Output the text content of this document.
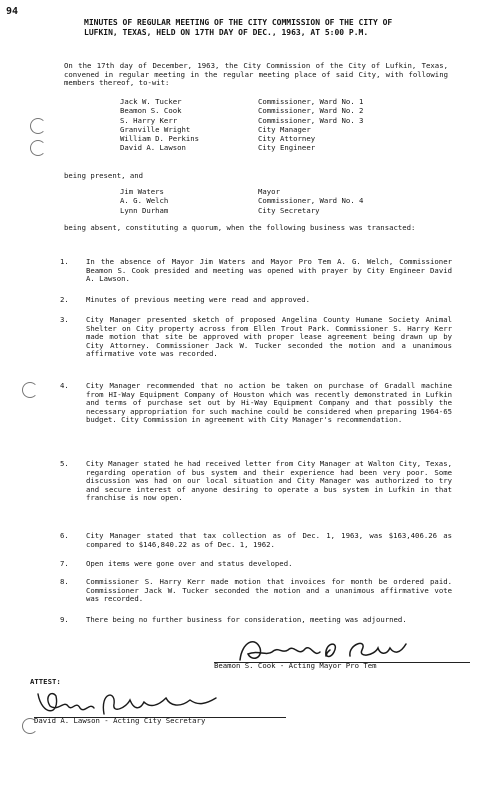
94
MINUTES OF REGULAR MEETING OF THE CITY COMMISSION OF THE CITY OF
LUFKIN, TEXAS, HELD ON 17TH DAY OF DEC., 1963, AT 5:00 P.M.
On the 17th day of December, 1963, the City Commission of the City of Lufkin, Texas, convened in regular meeting in the regular meeting place of said City, with following members thereof, to-wit:
Jack W. Tucker	Commissioner, Ward No. 1
Beamon S. Cook	Commissioner, Ward No. 2
S. Harry Kerr	Commissioner, Ward No. 3
Granville Wright	City Manager
William D. Perkins	City Attorney
David A. Lawson	City Engineer
being present, and
Jim Waters	Mayor
A. G. Welch	Commissioner, Ward No. 4
Lynn Durham	City Secretary
being absent, constituting a quorum, when the following business was transacted:
1.	In the absence of Mayor Jim Waters and Mayor Pro Tem A. G. Welch, Commissioner Beamon S. Cook presided and meeting was opened with prayer by City Engineer David A. Lawson.
2.	Minutes of previous meeting were read and approved.
3.	City Manager presented sketch of proposed Angelina County Humane Society Animal Shelter on City property across from Ellen Trout Park. Commissioner S. Harry Kerr made motion that site be approved with proper lease agreement being drawn up by City Attorney. Commissioner Jack W. Tucker seconded the motion and a unanimous affirmative vote was recorded.
4.	City Manager recommended that no action be taken on purchase of Gradall machine from HI-Way Equipment Company of Houston which was recently demonstrated in Lufkin and terms of purchase set out by Hi-Way Equipment Company and that possibly the necessary appropriation for such machine could be considered when preparing 1964-65 budget. City Commission in agreement with City Manager's recommendation.
5.	City Manager stated he had received letter from City Manager at Walton City, Texas, regarding operation of bus system and their experience had been very poor. Some discussion was had on our local situation and City Manager was authorized to try and secure interest of anyone desiring to operate a bus system in Lufkin in that franchise is now open.
6.	City Manager stated that tax collection as of Dec. 1, 1963, was $163,406.26 as compared to $146,840.22 as of Dec. 1, 1962.
7.	Open items were gone over and status developed.
8.	Commissioner S. Harry Kerr made motion that invoices for month be ordered paid. Commissioner Jack W. Tucker seconded the motion and a unanimous affirmative vote was recorded.
9.	There being no further business for consideration, meeting was adjourned.
Beamon S. Cook - Acting Mayor Pro Tem
ATTEST:
David A. Lawson - Acting City Secretary
